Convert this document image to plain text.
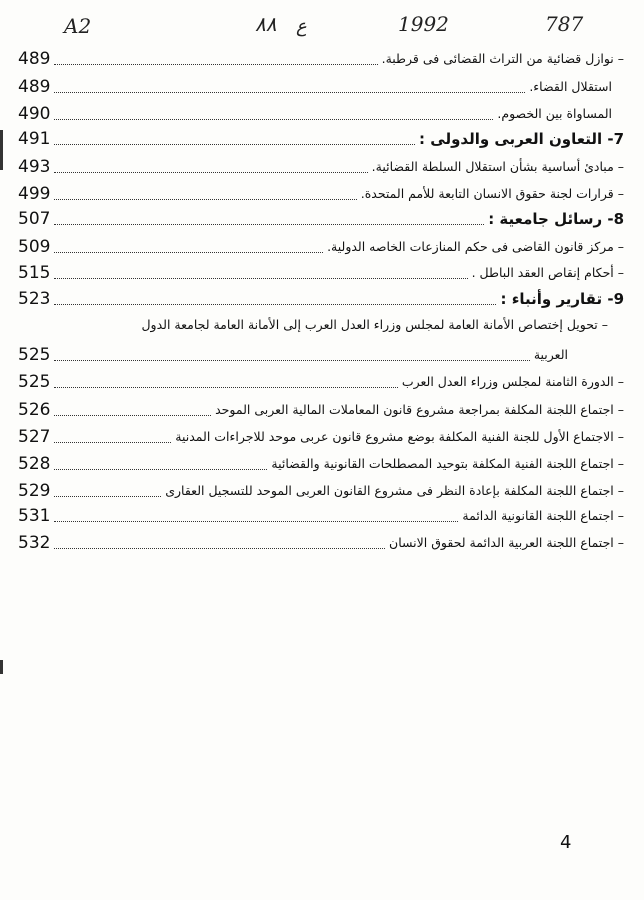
A2	٨٨ ع	1992	787
489	– نوازل قضائية من التراث القضائى فى قرطبة.
489	استقلال القضاء.
490	المساواة بين الخصوم.
491	7- التعاون العربى والدولى :
493	– مبادئ أساسية بشأن استقلال السلطة القضائية.
499	– قرارات لجنة حقوق الانسان التابعة للأمم المتحدة.
507	8- رسائل جامعية :
509	– مركز قانون القاضى فى حكم المنازعات الخاصه الدولية.
515	– أحكام إنقاص العقد الباطل .
523	9- تقارير وأنباء :
– تحويل إختصاص الأمانة العامة لمجلس وزراء العدل العرب إلى الأمانة العامة لجامعة الدول
525	العربية
525	– الدورة الثامنة لمجلس وزراء العدل العرب
526	– اجتماع اللجنة المكلفة بمراجعة مشروع قانون المعاملات المالية العربى الموحد
527	– الاجتماع الأول للجنة الفنية المكلفة بوضع مشروع قانون عربى موحد للاجراءات المدنية
528	– اجتماع اللجنة الفنية المكلفة بتوحيد المصطلحات القانونية والقضائية
529	– اجتماع اللجنة المكلفة بإعادة النظر فى مشروع القانون العربى الموحد للتسجيل العقارى
531	– اجتماع اللجنة القانونية الدائمة
532	– اجتماع اللجنة العربية الدائمة لحقوق الانسان
4
